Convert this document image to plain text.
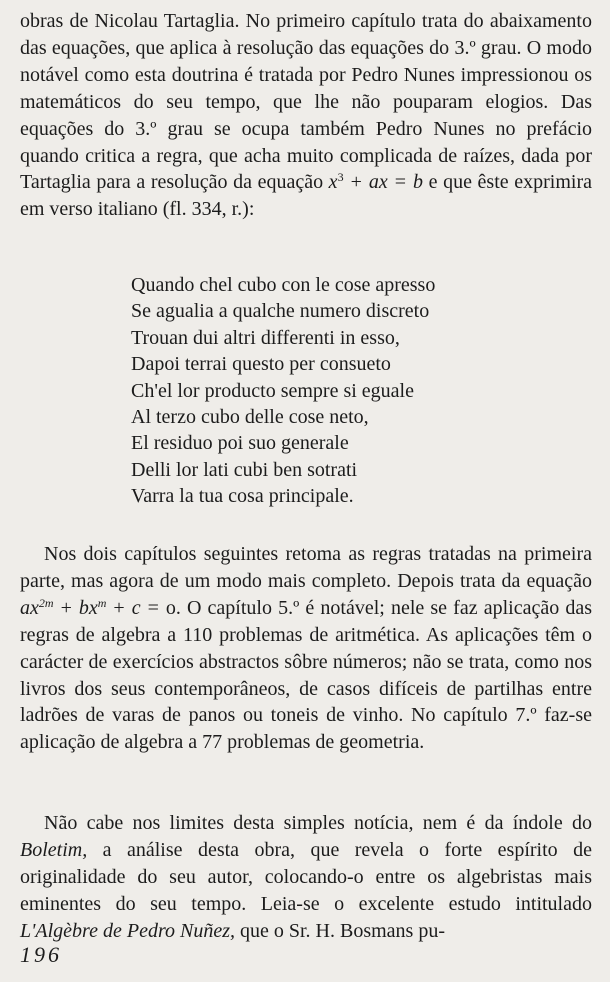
obras de Nicolau Tartaglia. No primeiro capítulo trata do abaixamento das equações, que aplica à resolução das equações do 3.º grau. O modo notável como esta doutrina é tratada por Pedro Nunes impressionou os matemáticos do seu tempo, que lhe não pouparam elogios. Das equações do 3.º grau se ocupa também Pedro Nunes no prefácio quando critica a regra, que acha muito complicada de raízes, dada por Tartaglia para a resolução da equação $x^3$ + ax = b e que êste exprimira em verso italiano (fl. 334, r.):

Quando chel cubo con le cose apresso
Se agualia a qualche numero discreto
Trouan dui altri differenti in esso,
Dapoi terrai questo per consueto
Ch'el lor producto sempre si eguale
Al terzo cubo delle cose neto,
El residuo poi suo generale
Delli lor lati cubi ben sotrati
Varra la tua cosa principale.

Nos dois capítulos seguintes retoma as regras tratadas na primeira parte, mas agora de um modo mais completo. Depois trata da equação $ax^{2m} + bx^m + c = o$. O capítulo 5.º é notável; nele se faz aplicação das regras de algebra a 110 problemas de aritmética. As aplicações têm o carácter de exercícios abstractos sôbre números; não se trata, como nos livros dos seus contemporâneos, de casos difíceis de partilhas entre ladrões de varas de panos ou toneis de vinho. No capítulo 7.º faz-se aplicação de algebra a 77 problemas de geometria.

Não cabe nos limites desta simples notícia, nem é da índole do Boletim, a análise desta obra, que revela o forte espírito de originalidade do seu autor, colocando-o entre os algebristas mais eminentes do seu tempo. Leia-se o excelente estudo intitulado L'Algèbre de Pedro Nuñez, que o Sr. H. Bosmans pu-

196
